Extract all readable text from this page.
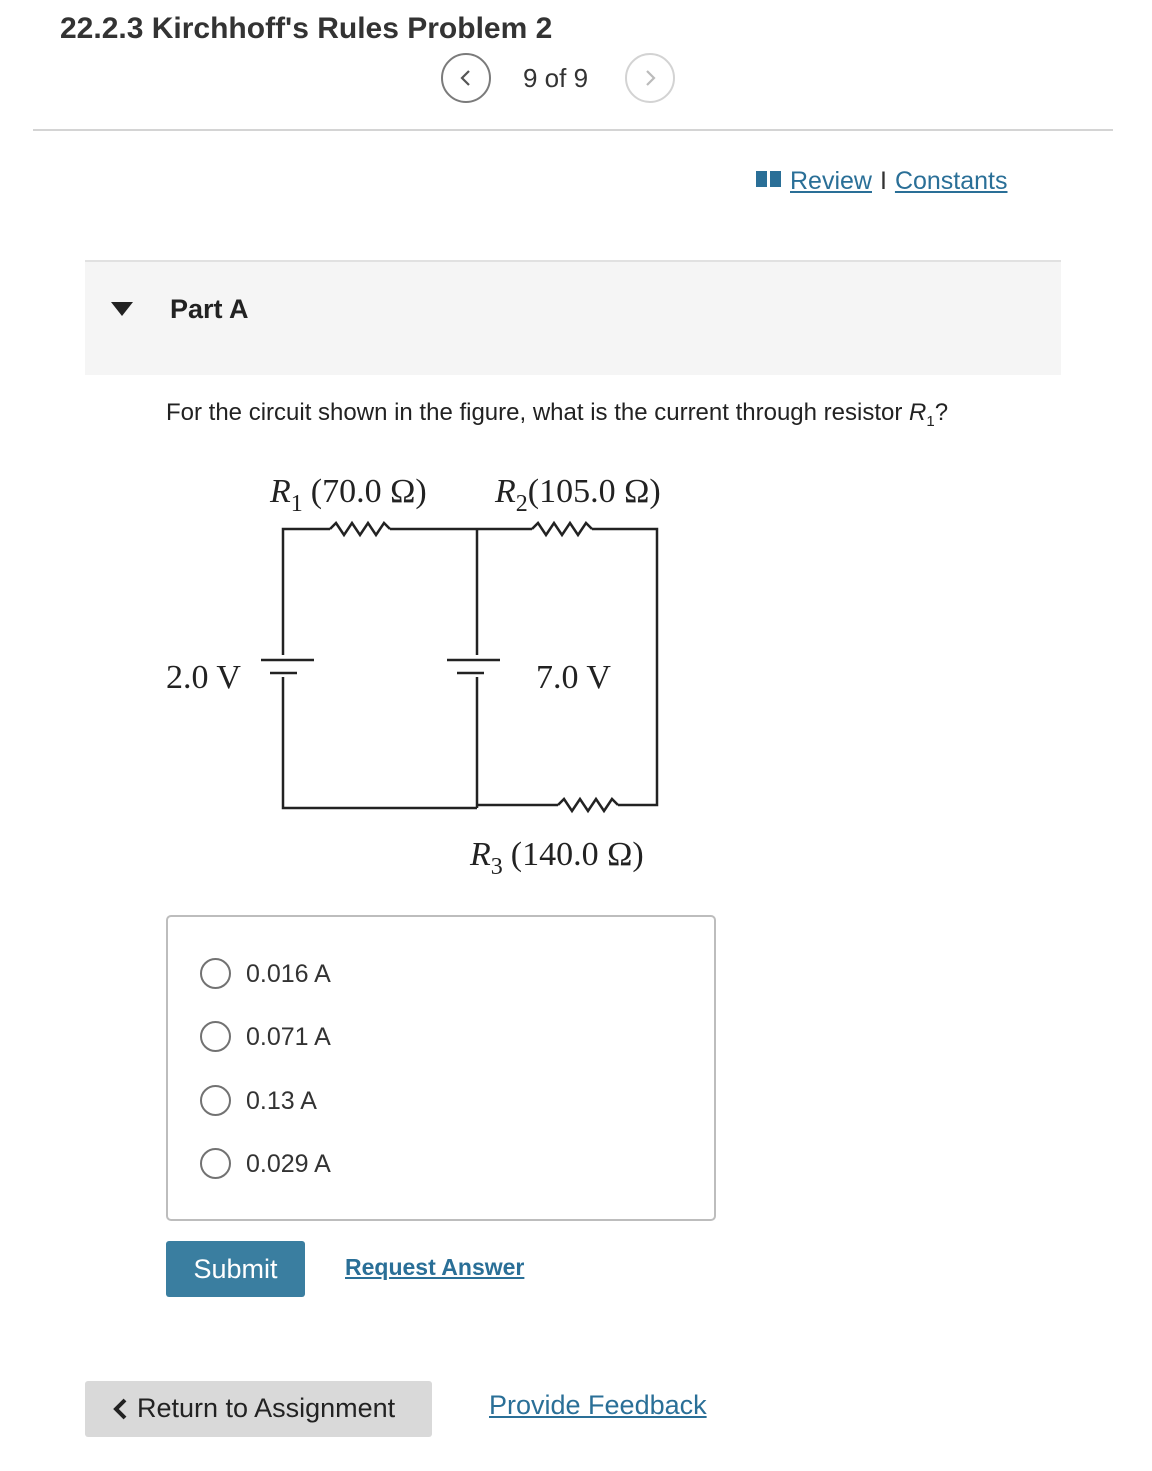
22.2.3 Kirchhoff's Rules Problem 2
9 of 9
Review I Constants
Part A
For the circuit shown in the figure, what is the current through resistor $R_1$?
$R_1$ (70.0 Ω) $R_2(105.0$ Ω)
2.0 V	7.0 V
$R_3$ (140.0 Ω)
0.016 A
0.071 A
0.13 A
0.029 A
Submit	Request Answer
Return to Assignment	Provide Feedback
